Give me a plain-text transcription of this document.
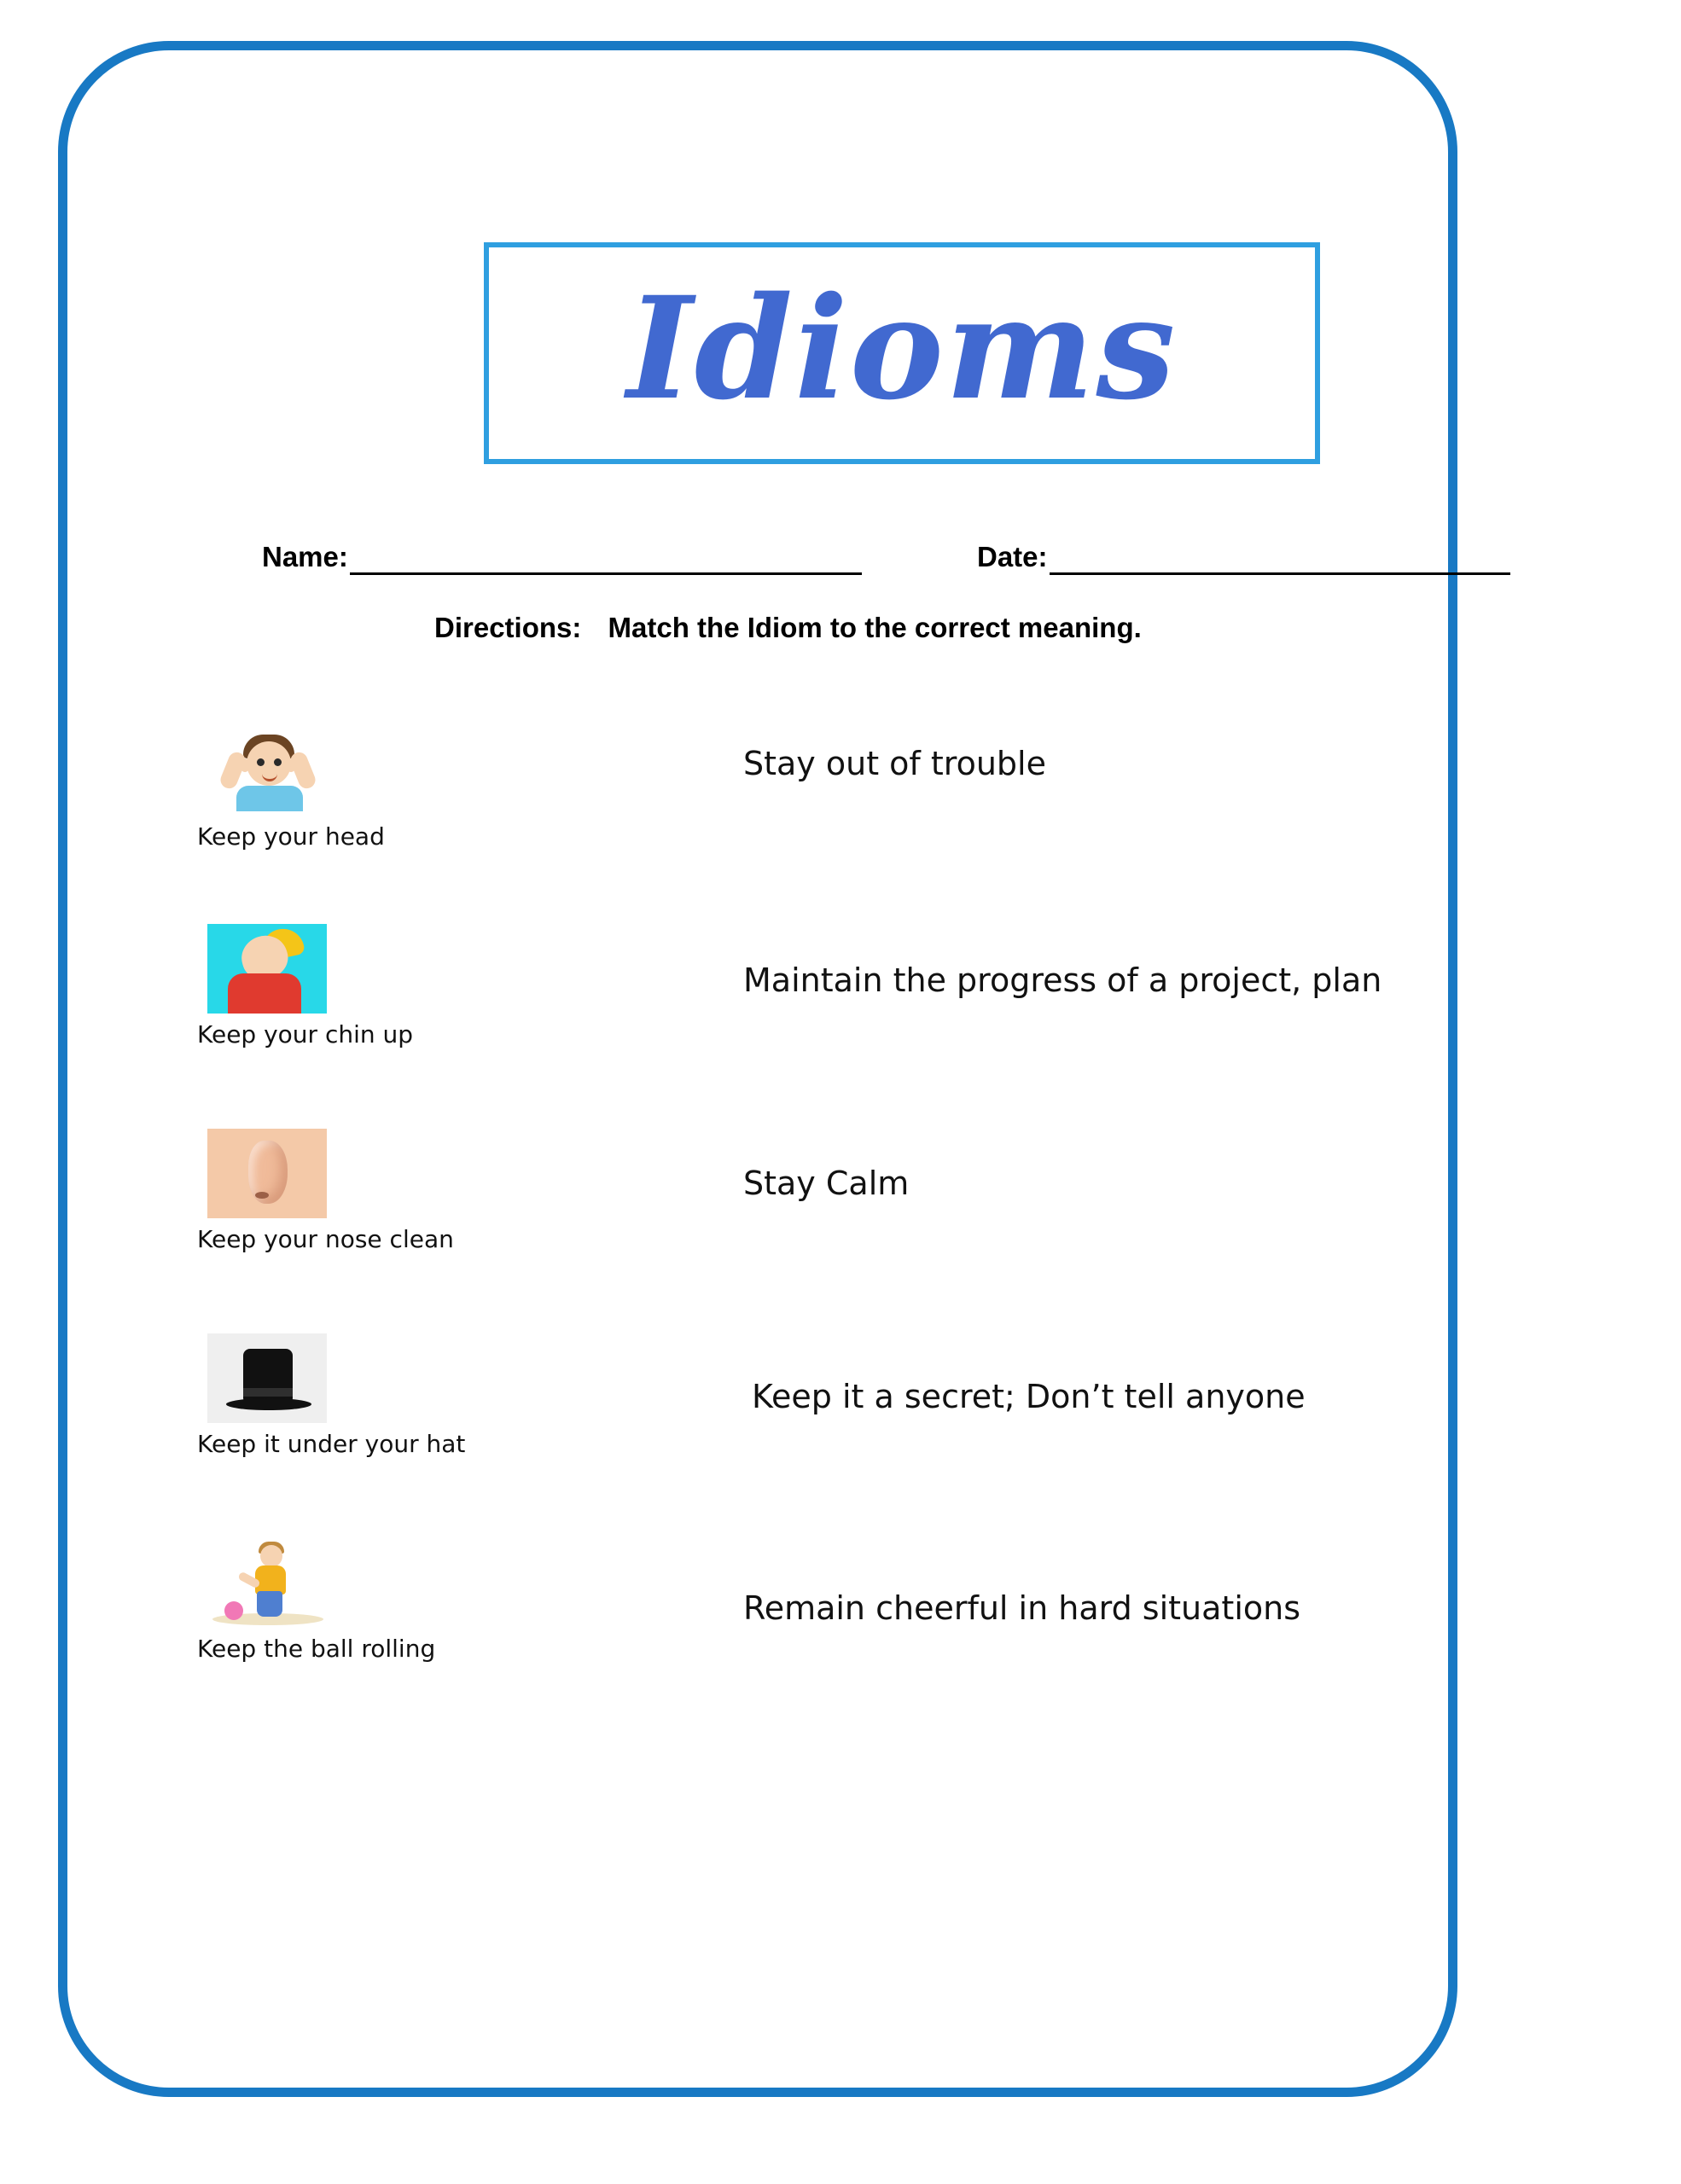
Idioms
Name:	Date:
Directions: Match the Idiom to the correct meaning.
Keep your head
Stay out of trouble
Keep your chin up
Maintain the progress of a project, plan
Keep your nose clean
Stay Calm
Keep it under your hat
Keep it a secret; Don’t tell anyone
Keep the ball rolling
Remain cheerful in hard situations
